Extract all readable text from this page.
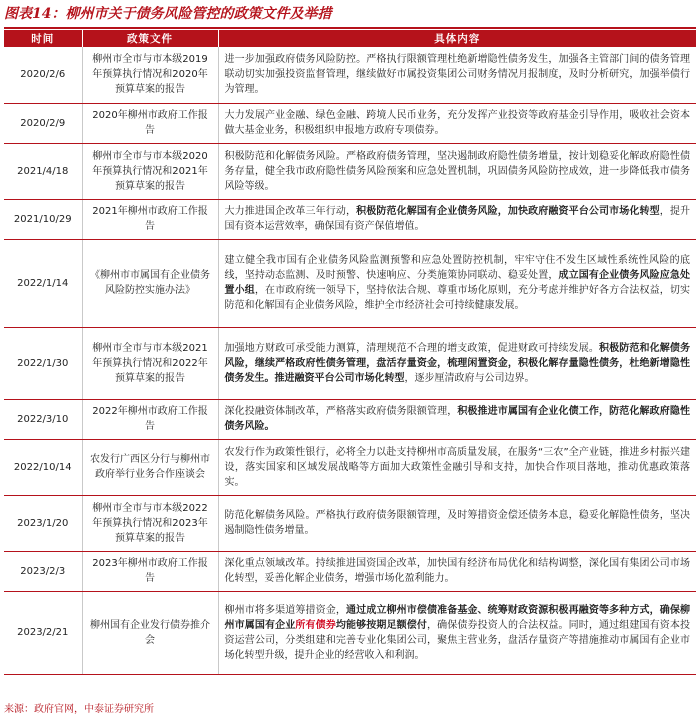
图表14：柳州市关于债务风险管控的政策文件及举措
时间	政策文件	具体内容
2020/2/6	柳州市全市与市本级2019年预算执行情况和2020年预算草案的报告	进一步加强政府债务风险防控。严格执行限额管理杜绝新增隐性债务发生，加强各主管部门间的债务管理联动切实加强投资监督管理，继续做好市属投资集团公司财务情况月报制度，及时分析研究，加强举债行为管理。
2020/2/9	2020年柳州市政府工作报告	大力发展产业金融、绿色金融、跨境人民币业务，充分发挥产业投资等政府基金引导作用，吸收社会资本做大基金业务，积极组织申报地方政府专项债券。
2021/4/18	柳州市全市与市本级2020年预算执行情况和2021年预算草案的报告	积极防范和化解债务风险。严格政府债务管理，坚决遏制政府隐性债务增量，按计划稳妥化解政府隐性债务存量，健全我市政府隐性债务风险预案和应急处置机制，巩固债务风险防控成效，进一步降低我市债务风险等级。
2021/10/29	2021年柳州市政府工作报告	大力推进国企改革三年行动，积极防范化解国有企业债务风险，加快政府融资平台公司市场化转型，提升国有资本运营效率，确保国有资产保值增值。
2022/1/14	《柳州市市属国有企业债务风险防控实施办法》	建立健全我市国有企业债务风险监测预警和应急处置防控机制，牢牢守住不发生区域性系统性风险的底线，坚持动态监测、及时预警、快速响应、分类施策协同联动、稳妥处置，成立国有企业债务风险应急处置小组，在市政府统一领导下，坚持依法合规、尊重市场化原则，充分考虑并维护好各方合法权益，切实防范和化解国有企业债务风险，维护全市经济社会可持续健康发展。
2022/1/30	柳州市全市与市本级2021年预算执行情况和2022年预算草案的报告	加强地方财政可承受能力测算，清理规范不合理的增支政策，促进财政可持续发展。积极防范和化解债务风险，继续严格政府性债务管理，盘活存量资金，梳理闲置资金，积极化解存量隐性债务，杜绝新增隐性债务发生。推进融资平台公司市场化转型，逐步厘清政府与公司边界。
2022/3/10	2022年柳州市政府工作报告	深化投融资体制改革，严格落实政府债务限额管理，积极推进市属国有企业化债工作，防范化解政府隐性债务风险。
2022/10/14	农发行广西区分行与柳州市政府举行业务合作座谈会	农发行作为政策性银行，必将全力以赴支持柳州市高质量发展，在服务“三农”全产业链，推进乡村振兴建设，落实国家和区域发展战略等方面加大政策性金融引导和支持，加快合作项目落地，推动优惠政策落实。
2023/1/20	柳州市全市与市本级2022年预算执行情况和2023年预算草案的报告	防范化解债务风险。严格执行政府债务限额管理，及时筹措资金偿还债务本息，稳妥化解隐性债务，坚决遏制隐性债务增量。
2023/2/3	2023年柳州市政府工作报告	深化重点领域改革。持续推进国资国企改革，加快国有经济布局优化和结构调整，深化国有集团公司市场化转型，妥善化解企业债务，增强市场化盈利能力。
2023/2/21	柳州国有企业发行债券推介会	柳州市将多渠道筹措资金，通过成立柳州市偿债准备基金、统筹财政资源积极再融资等多种方式，确保柳州市属国有企业所有债券均能够按期足额偿付，确保债券投资人的合法权益。同时，通过组建国有资本投资运营公司，分类组建和完善专业化集团公司，聚焦主营业务，盘活存量资产等措施推动市属国有企业市场化转型升级，提升企业的经营收入和利润。
来源：政府官网，中泰证券研究所
